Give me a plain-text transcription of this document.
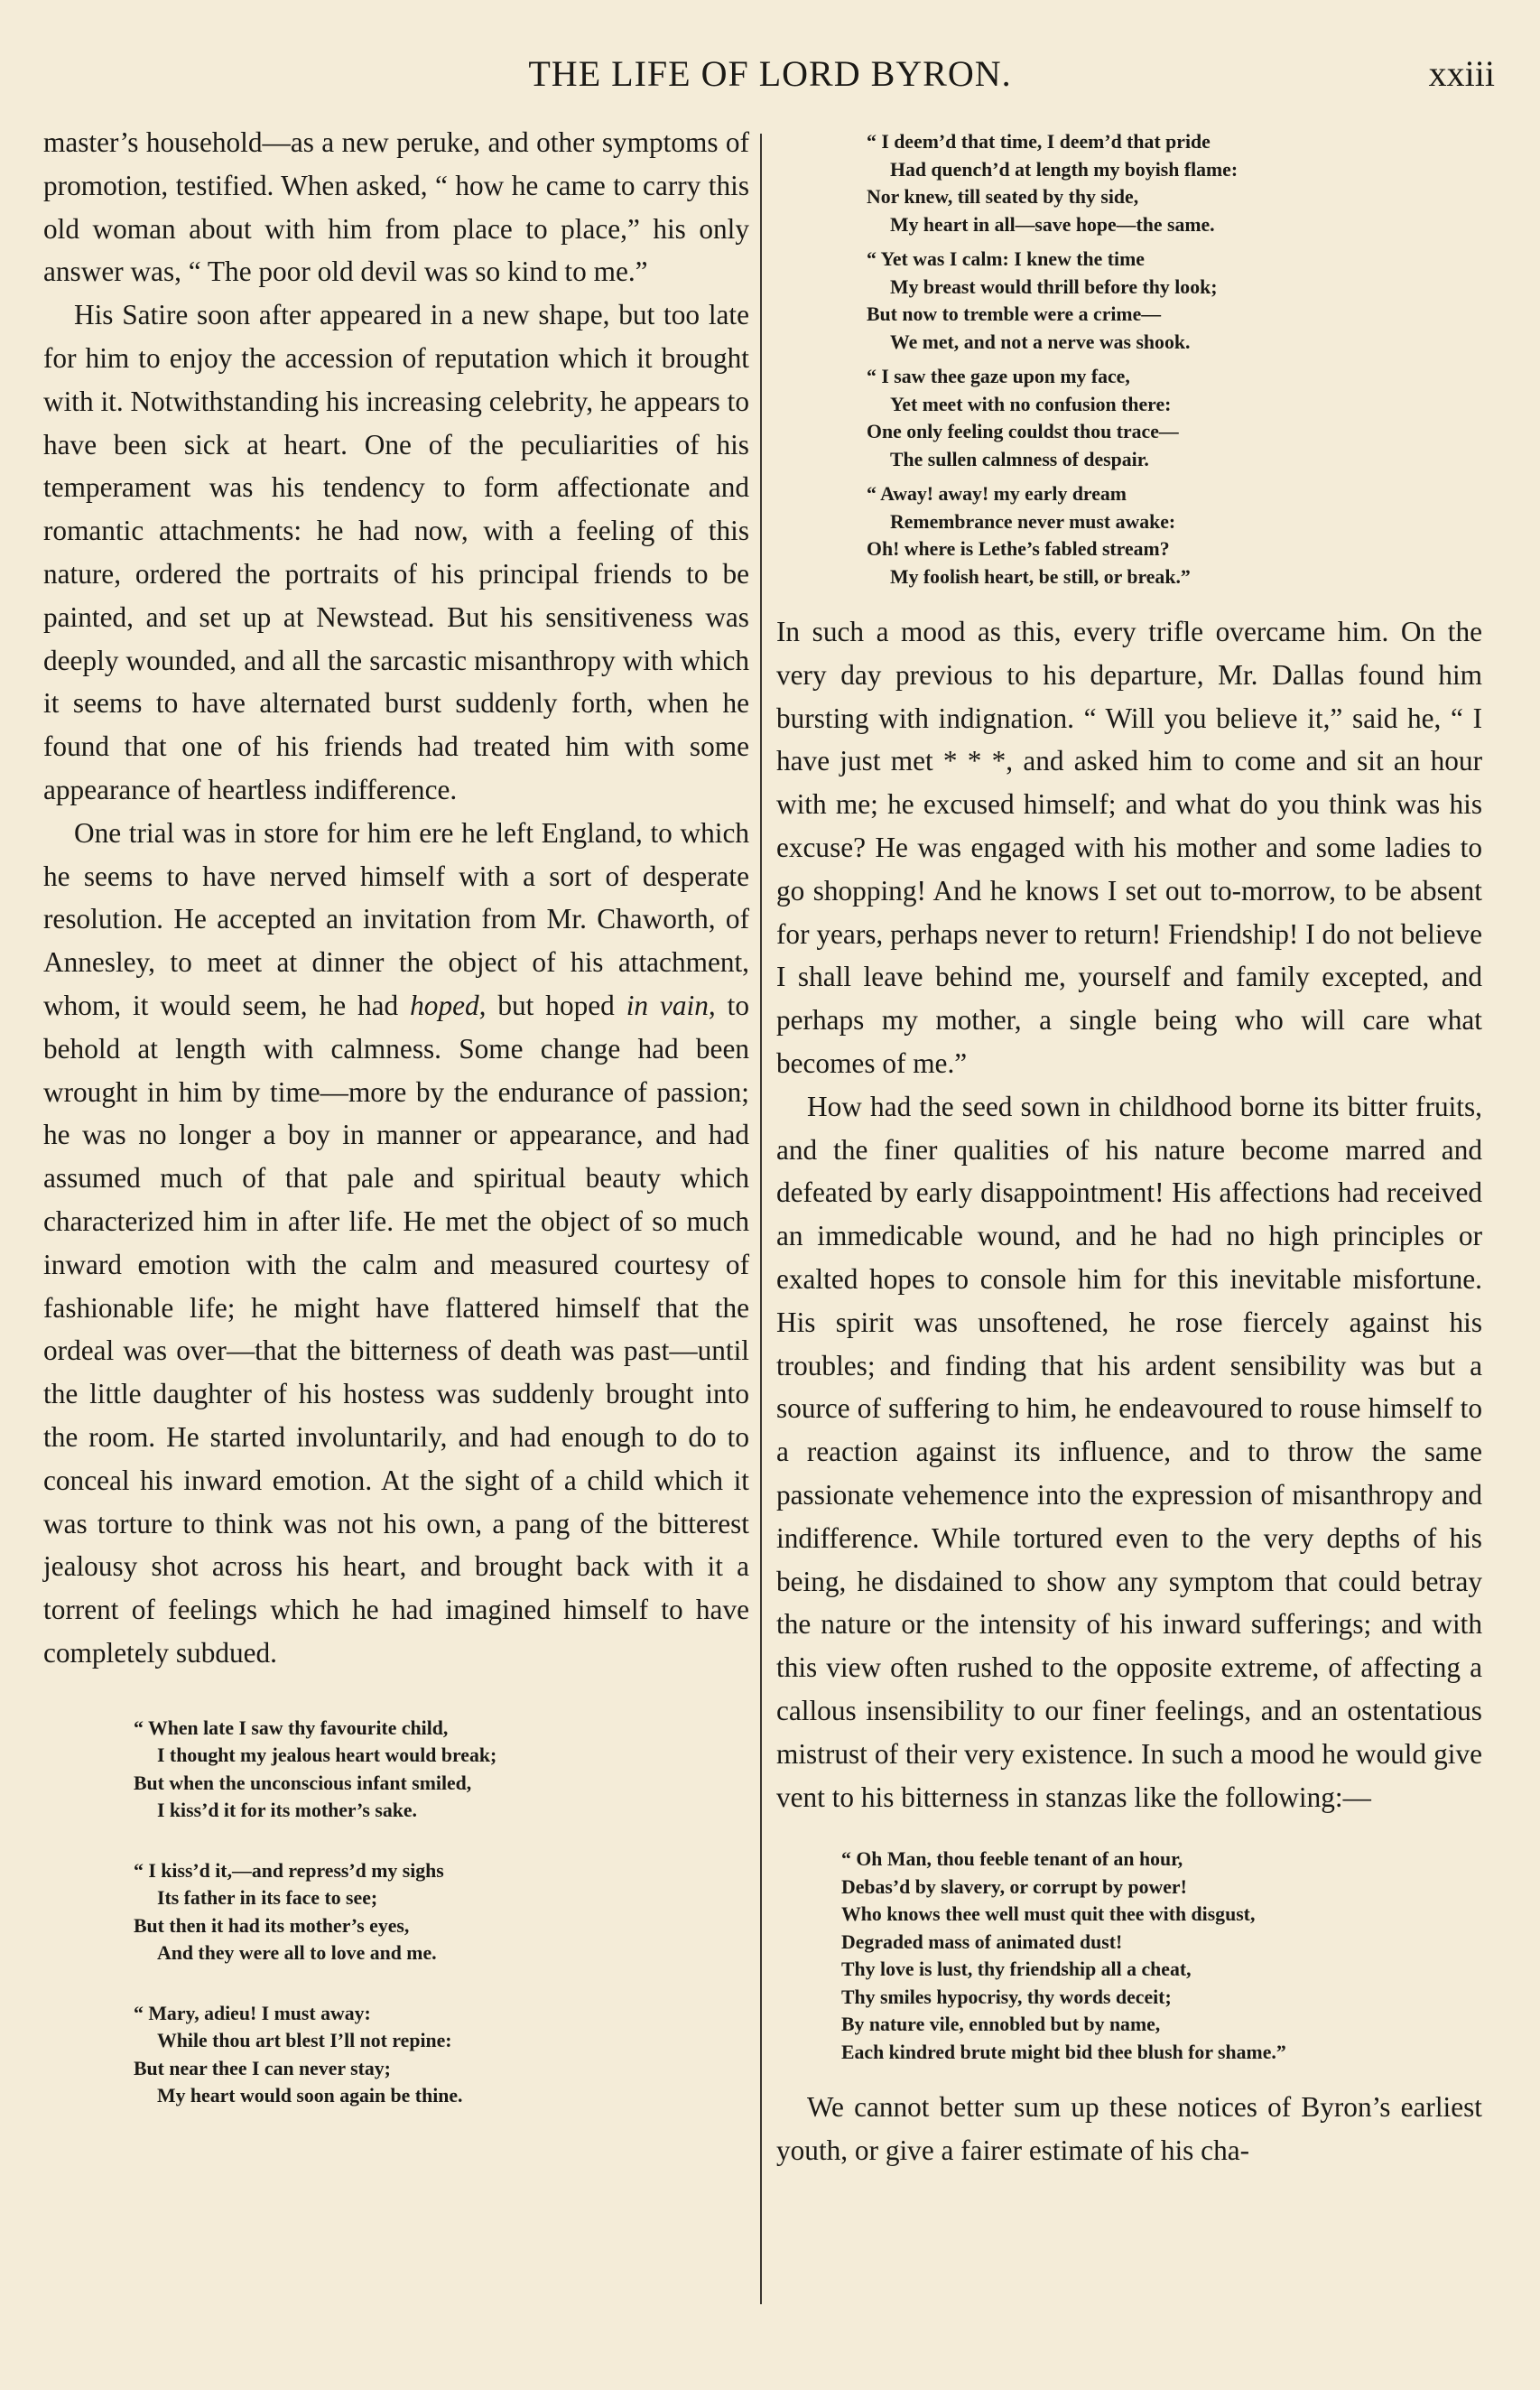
THE LIFE OF LORD BYRON.	xxiii

master’s household—as a new peruke, and other symptoms of promotion, testified. When asked, “ how he came to carry this old woman about with him from place to place,” his only answer was, “ The poor old devil was so kind to me.”

His Satire soon after appeared in a new shape, but too late for him to enjoy the accession of reputation which it brought with it. Notwithstanding his increasing celebrity, he appears to have been sick at heart. One of the peculiarities of his temperament was his tendency to form affectionate and romantic attachments: he had now, with a feeling of this nature, ordered the portraits of his principal friends to be painted, and set up at Newstead. But his sensitiveness was deeply wounded, and all the sarcastic misanthropy with which it seems to have alternated burst suddenly forth, when he found that one of his friends had treated him with some appearance of heartless indifference.

One trial was in store for him ere he left England, to which he seems to have nerved himself with a sort of desperate resolution. He accepted an invitation from Mr. Chaworth, of Annesley, to meet at dinner the object of his attachment, whom, it would seem, he had hoped, but hoped in vain, to behold at length with calmness. Some change had been wrought in him by time—more by the endurance of passion; he was no longer a boy in manner or appearance, and had assumed much of that pale and spiritual beauty which characterized him in after life. He met the object of so much inward emotion with the calm and measured courtesy of fashionable life; he might have flattered himself that the ordeal was over—that the bitterness of death was past—until the little daughter of his hostess was suddenly brought into the room. He started involuntarily, and had enough to do to conceal his inward emotion. At the sight of a child which it was torture to think was not his own, a pang of the bitterest jealousy shot across his heart, and brought back with it a torrent of feelings which he had imagined himself to have completely subdued.

“ When late I saw thy favourite child,
I thought my jealous heart would break;
But when the unconscious infant smiled,
I kiss’d it for its mother’s sake.
“ I kiss’d it,—and repress’d my sighs
Its father in its face to see;
But then it had its mother’s eyes,
And they were all to love and me.
“ Mary, adieu! I must away:
While thou art blest I’ll not repine:
But near thee I can never stay;
My heart would soon again be thine.
“ I deem’d that time, I deem’d that pride
Had quench’d at length my boyish flame:
Nor knew, till seated by thy side,
My heart in all—save hope—the same.
“ Yet was I calm: I knew the time
My breast would thrill before thy look;
But now to tremble were a crime—
We met, and not a nerve was shook.
“ I saw thee gaze upon my face,
Yet meet with no confusion there:
One only feeling couldst thou trace—
The sullen calmness of despair.
“ Away! away! my early dream
Remembrance never must awake:
Oh! where is Lethe’s fabled stream?
My foolish heart, be still, or break.”

In such a mood as this, every trifle overcame him. On the very day previous to his departure, Mr. Dallas found him bursting with indignation. “ Will you believe it,” said he, “ I have just met * * *, and asked him to come and sit an hour with me; he excused himself; and what do you think was his excuse? He was engaged with his mother and some ladies to go shopping! And he knows I set out to-morrow, to be absent for years, perhaps never to return! Friendship! I do not believe I shall leave behind me, yourself and family excepted, and perhaps my mother, a single being who will care what becomes of me.”

How had the seed sown in childhood borne its bitter fruits, and the finer qualities of his nature become marred and defeated by early disappointment! His affections had received an immedicable wound, and he had no high principles or exalted hopes to console him for this inevitable misfortune. His spirit was unsoftened, he rose fiercely against his troubles; and finding that his ardent sensibility was but a source of suffering to him, he endeavoured to rouse himself to a reaction against its influence, and to throw the same passionate vehemence into the expression of misanthropy and indifference. While tortured even to the very depths of his being, he disdained to show any symptom that could betray the nature or the intensity of his inward sufferings; and with this view often rushed to the opposite extreme, of affecting a callous insensibility to our finer feelings, and an ostentatious mistrust of their very existence. In such a mood he would give vent to his bitterness in stanzas like the following:—

“ Oh Man, thou feeble tenant of an hour,
Debas’d by slavery, or corrupt by power!
Who knows thee well must quit thee with disgust,
Degraded mass of animated dust!
Thy love is lust, thy friendship all a cheat,
Thy smiles hypocrisy, thy words deceit;
By nature vile, ennobled but by name,
Each kindred brute might bid thee blush for shame.”

We cannot better sum up these notices of Byron’s earliest youth, or give a fairer estimate of his cha-
